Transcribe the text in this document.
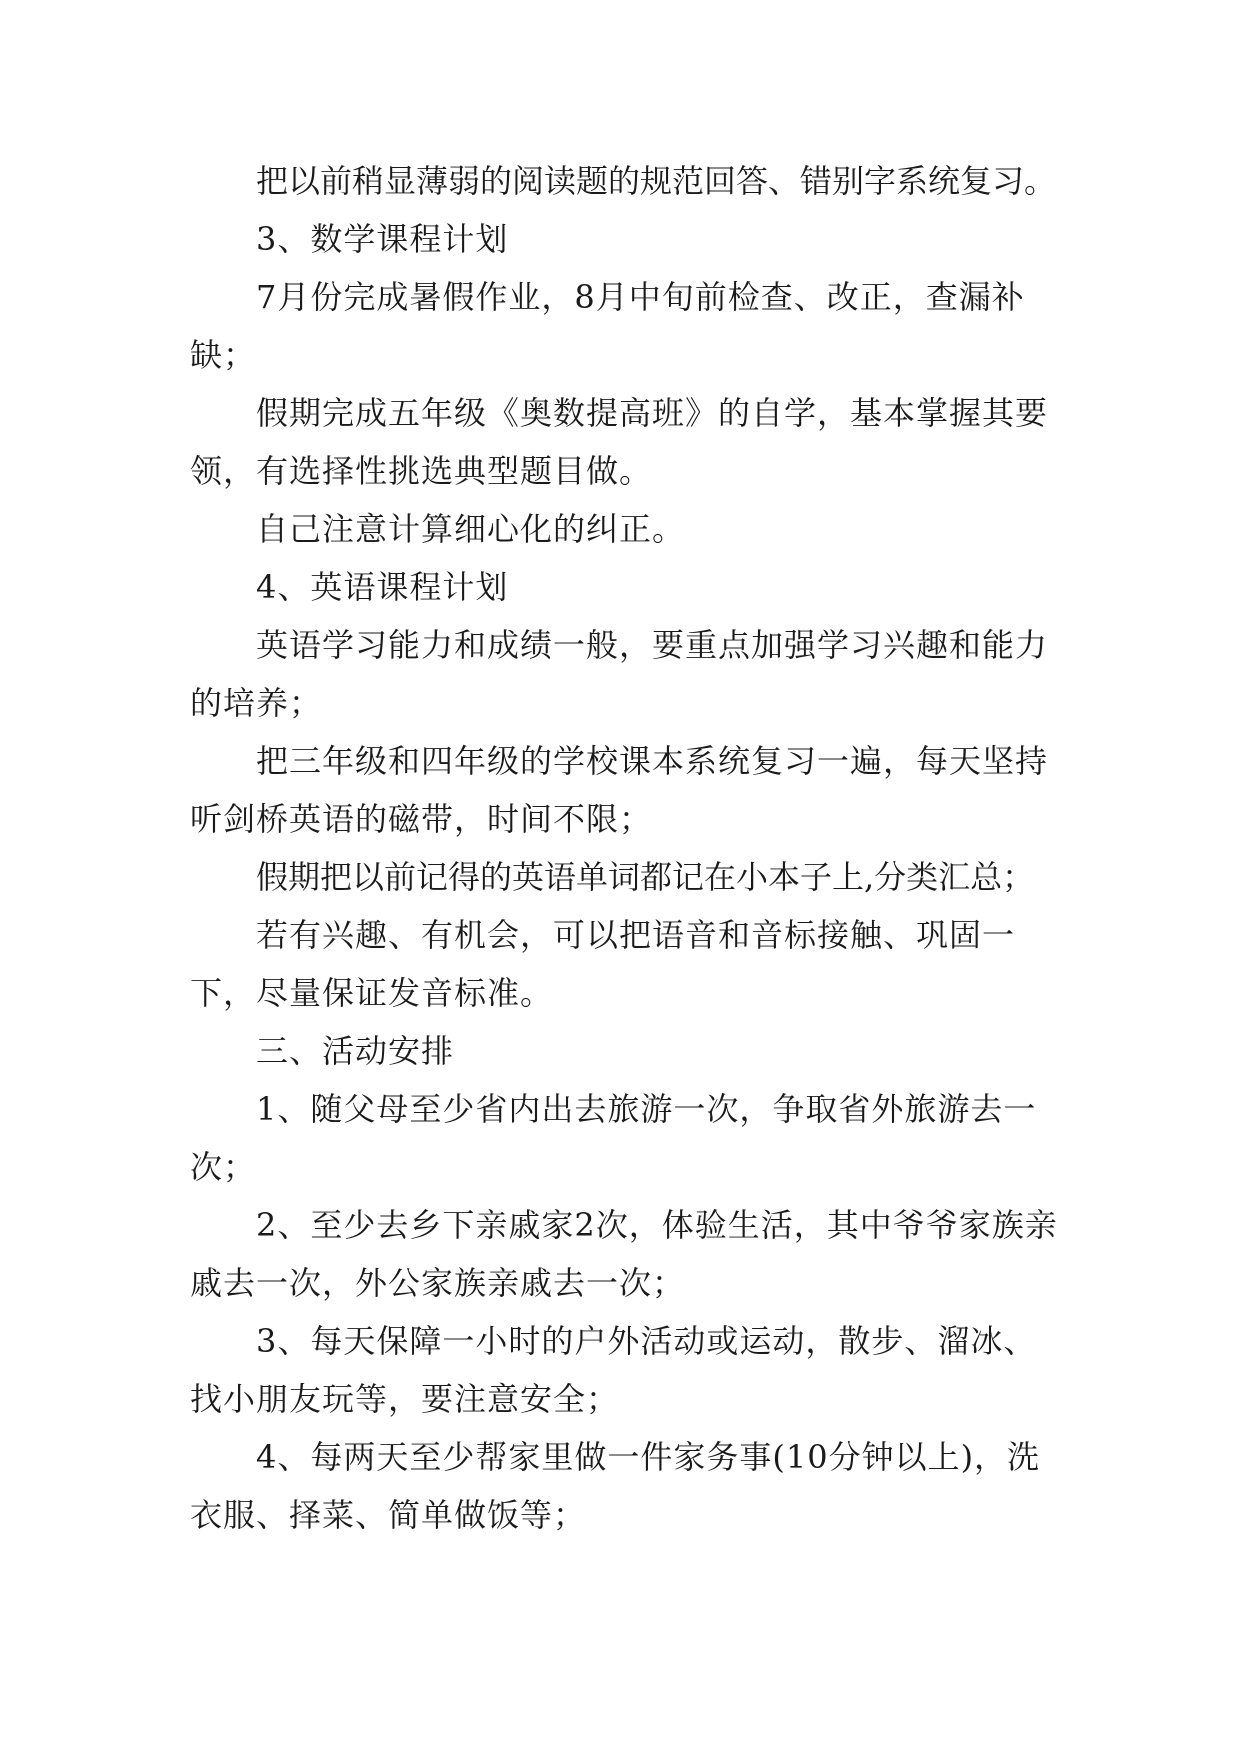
把以前稍显薄弱的阅读题的规范回答、错别字系统复习。

3、数学课程计划

7月份完成暑假作业，8月中旬前检查、改正，查漏补缺；

假期完成五年级《奥数提高班》的自学，基本掌握其要领，有选择性挑选典型题目做。

自己注意计算细心化的纠正。

4、英语课程计划

英语学习能力和成绩一般，要重点加强学习兴趣和能力的培养；

把三年级和四年级的学校课本系统复习一遍，每天坚持听剑桥英语的磁带，时间不限；

假期把以前记得的英语单词都记在小本子上,分类汇总；

若有兴趣、有机会，可以把语音和音标接触、巩固一下，尽量保证发音标准。

三、活动安排

1、随父母至少省内出去旅游一次，争取省外旅游去一次；

2、至少去乡下亲戚家2次，体验生活，其中爷爷家族亲戚去一次，外公家族亲戚去一次；

3、每天保障一小时的户外活动或运动，散步、溜冰、找小朋友玩等，要注意安全；

4、每两天至少帮家里做一件家务事(10分钟以上)，洗衣服、择菜、简单做饭等；
